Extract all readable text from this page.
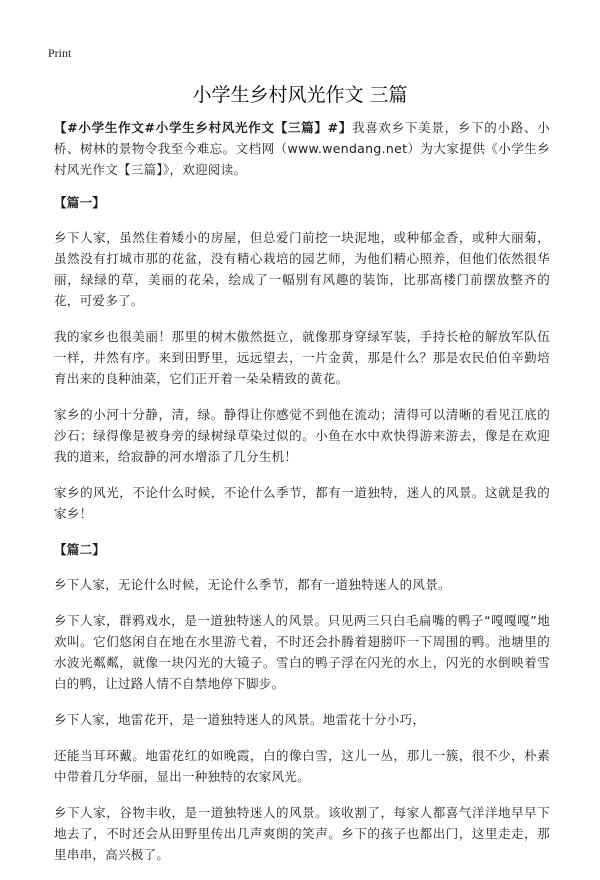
Print
小学生乡村风光作文 三篇

【#小学生作文#小学生乡村风光作文【三篇】#】我喜欢乡下美景，乡下的小路、小桥、树林的景物令我至今难忘。文档网（www.wendang.net）为大家提供《小学生乡村风光作文【三篇】》，欢迎阅读。

【篇一】

乡下人家，虽然住着矮小的房屋，但总爱门前挖一块泥地，或种郁金香，或种大丽菊，虽然没有打城市那的花盆，没有精心栽培的园艺师，为他们精心照养，但他们依然很华丽，绿绿的草，美丽的花朵，绘成了一幅别有风趣的装饰，比那高楼门前摆放整齐的花，可爱多了。

我的家乡也很美丽！那里的树木傲然挺立，就像那身穿绿军装，手持长枪的解放军队伍一样，井然有序。来到田野里，远远望去，一片金黄，那是什么？那是农民伯伯辛勤培育出来的良种油菜，它们正开着一朵朵精致的黄花。

家乡的小河十分静，清，绿。静得让你感觉不到他在流动；清得可以清晰的看见江底的沙石；绿得像是被身旁的绿树绿草染过似的。小鱼在水中欢快得游来游去，像是在欢迎我的道来，给寂静的河水增添了几分生机！

家乡的风光，不论什么时候，不论什么季节，都有一道独特，迷人的风景。这就是我的家乡！

【篇二】

乡下人家，无论什么时候，无论什么季节，都有一道独特迷人的风景。

乡下人家，群鸦戏水，是一道独特迷人的风景。只见两三只白毛扁嘴的鸭子“嘎嘎嘎”地欢叫。它们悠闲自在地在水里游弋着，不时还会扑腾着翅膀吓一下周围的鸭。池塘里的水波光粼粼，就像一块闪光的大镜子。雪白的鸭子浮在闪光的水上，闪光的水倒映着雪白的鸭，让过路人情不自禁地停下脚步。

乡下人家，地雷花开，是一道独特迷人的风景。地雷花十分小巧，

还能当耳环戴。地雷花红的如晚霞，白的像白雪，这儿一丛，那儿一簇，很不少，朴素中带着几分华丽，显出一种独特的农家风光。

乡下人家，谷物丰收，是一道独特迷人的风景。该收割了，每家人都喜气洋洋地早早下地去了，不时还会从田野里传出几声爽朗的笑声。乡下的孩子也都出门，这里走走，那里串串，高兴极了。
